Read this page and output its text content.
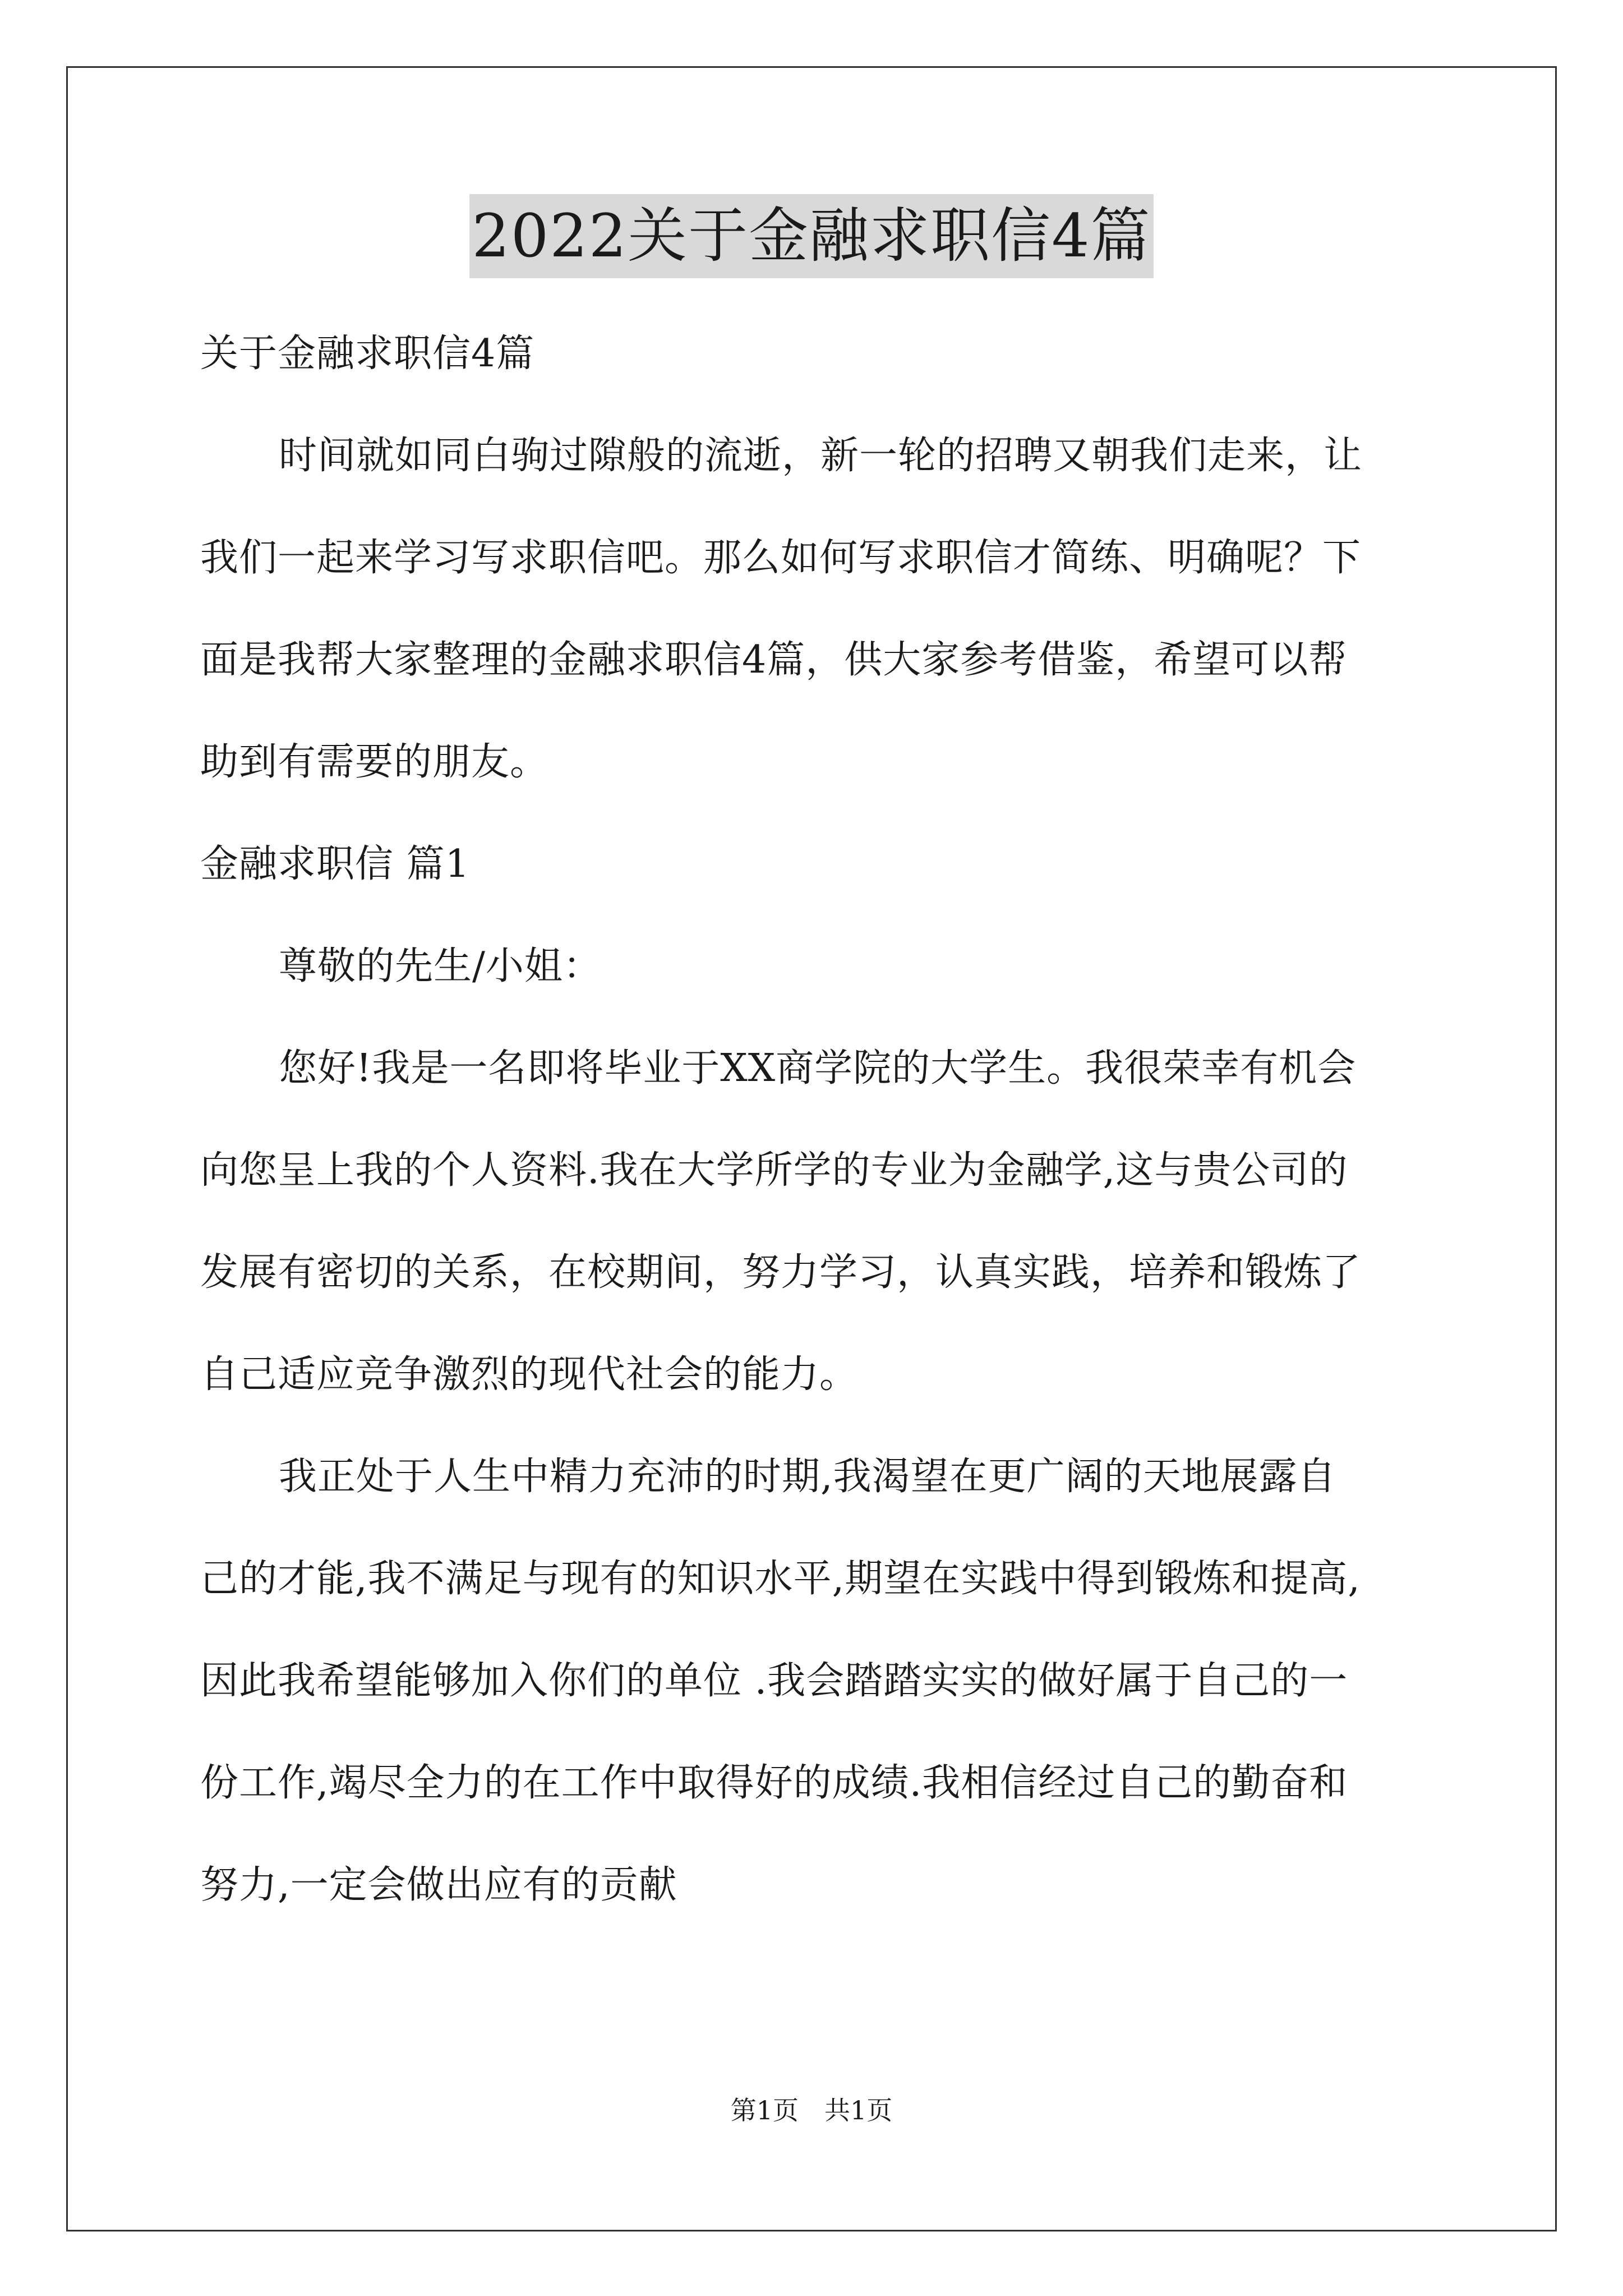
2022关于金融求职信4篇
关于金融求职信4篇
时间就如同白驹过隙般的流逝，新一轮的招聘又朝我们走来，让
我们一起来学习写求职信吧。那么如何写求职信才简练、明确呢？下
面是我帮大家整理的金融求职信4篇，供大家参考借鉴，希望可以帮
助到有需要的朋友。
金融求职信 篇1
尊敬的先生/小姐：
您好!我是一名即将毕业于XX商学院的大学生。我很荣幸有机会
向您呈上我的个人资料.我在大学所学的专业为金融学,这与贵公司的
发展有密切的关系，在校期间，努力学习，认真实践，培养和锻炼了
自己适应竞争激烈的现代社会的能力。
我正处于人生中精力充沛的时期,我渴望在更广阔的天地展露自
己的才能,我不满足与现有的知识水平,期望在实践中得到锻炼和提高,
因此我希望能够加入你们的单位 .我会踏踏实实的做好属于自己的一
份工作,竭尽全力的在工作中取得好的成绩.我相信经过自己的勤奋和
努力,一定会做出应有的贡献
第1页　共1页
